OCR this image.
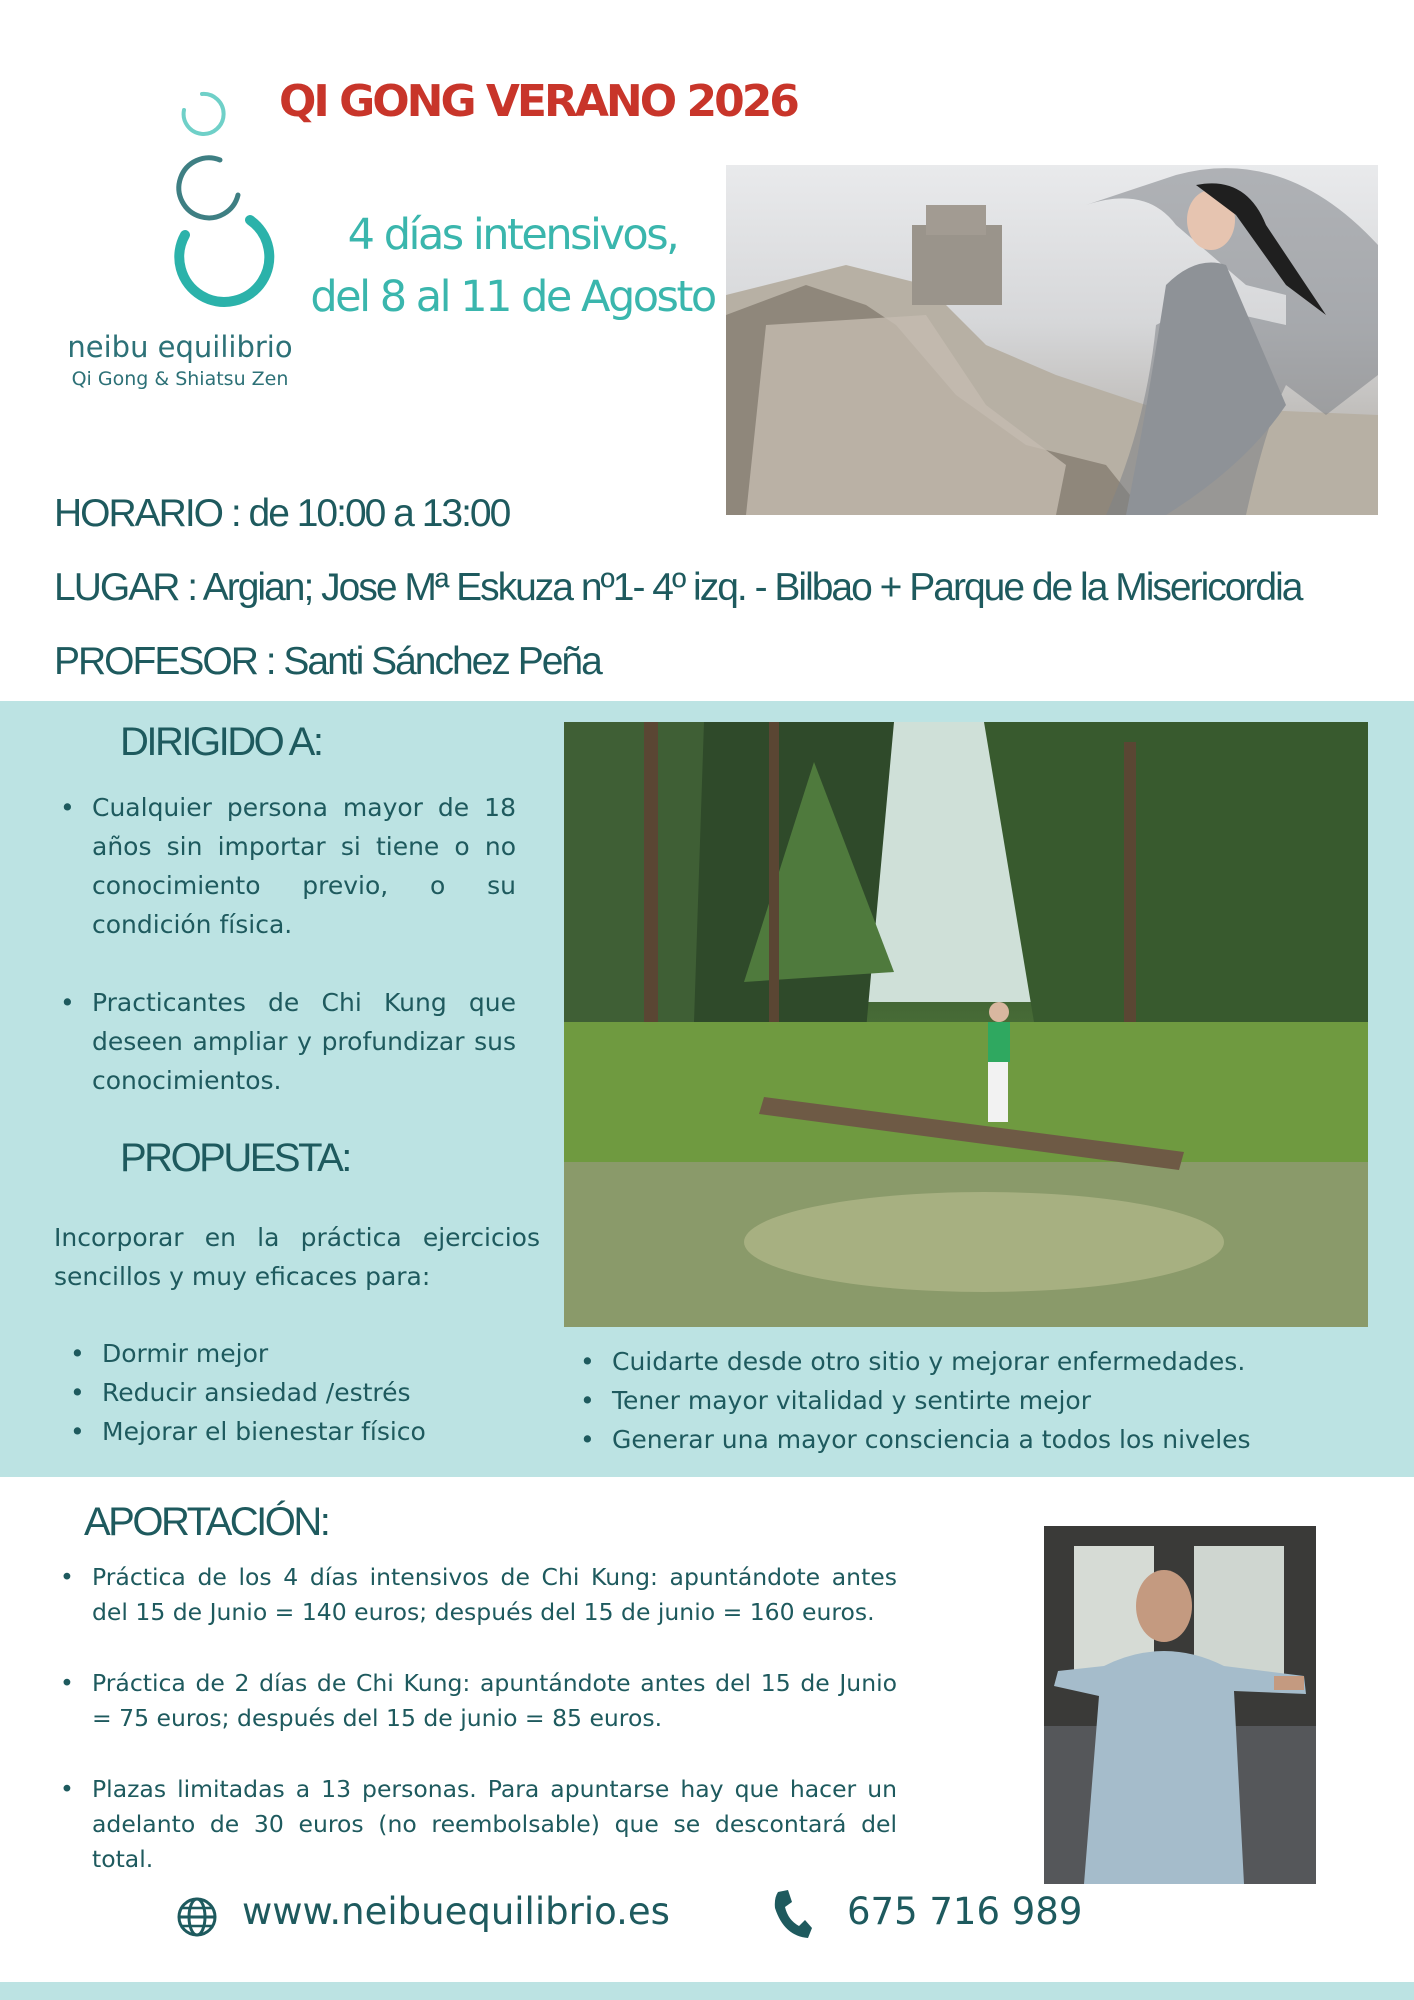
neibu equilibrio
Qi Gong & Shiatsu Zen
QI GONG VERANO 2026
4 días intensivos,
del 8 al 11 de Agosto
HORARIO : de 10:00 a 13:00
LUGAR : Argian; Jose Mª Eskuza nº1- 4º izq. - Bilbao + Parque de la Misericordia
PROFESOR : Santi Sánchez Peña
DIRIGIDO A:
• Cualquier persona mayor de 18 años sin importar si tiene o no conocimiento previo, o su condición física.
• Practicantes de Chi Kung que deseen ampliar y profundizar sus conocimientos.
PROPUESTA:
Incorporar en la práctica ejercicios sencillos y muy eficaces para:
• Dormir mejor
• Reducir ansiedad /estrés
• Mejorar el bienestar físico
• Cuidarte desde otro sitio y mejorar enfermedades.
• Tener mayor vitalidad y sentirte mejor
• Generar una mayor consciencia a todos los niveles
APORTACIÓN:
• Práctica de los 4 días intensivos de Chi Kung: apuntándote antes del 15 de Junio = 140 euros; después del 15 de junio = 160 euros.
• Práctica de 2 días de Chi Kung: apuntándote antes del 15 de Junio = 75 euros; después del 15 de junio = 85 euros.
• Plazas limitadas a 13 personas. Para apuntarse hay que hacer un adelanto de 30 euros (no reembolsable) que se descontará del total.
www.neibuequilibrio.es	675 716 989
